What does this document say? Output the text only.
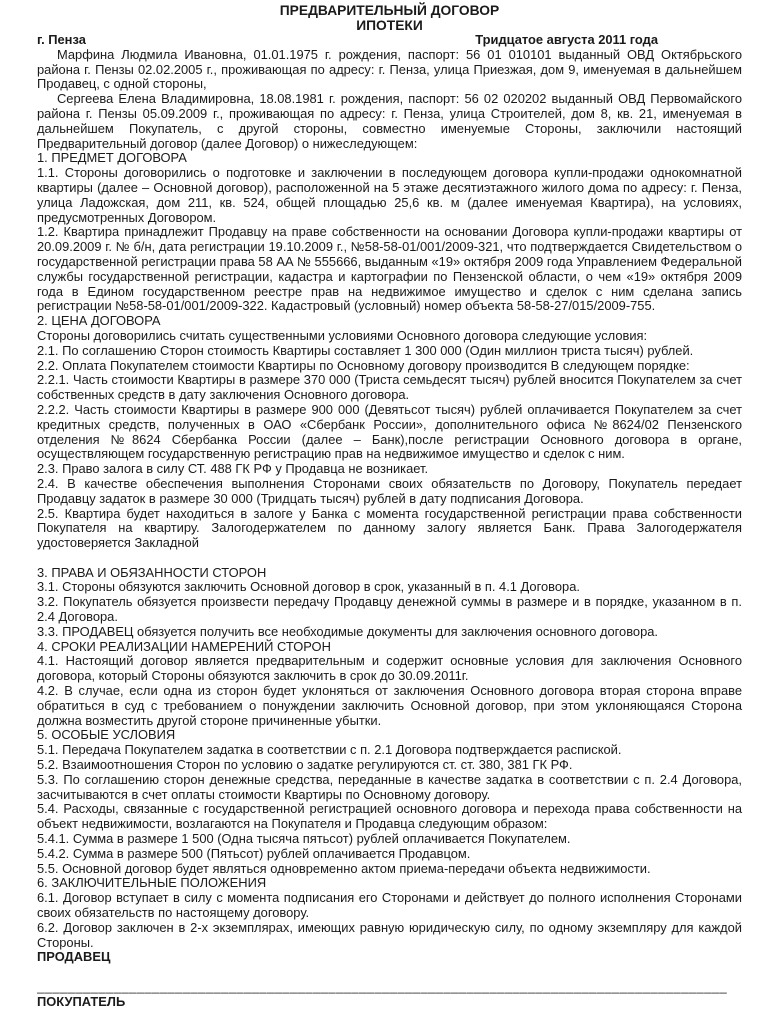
ПРЕДВАРИТЕЛЬНЫЙ ДОГОВОР
ИПОТЕКИ
г. Пенза	Тридцатое августа 2011 года

Марфина Людмила Ивановна, 01.01.1975 г. рождения, паспорт: 56 01 010101 выданный ОВД Октябрьского района г. Пензы 02.02.2005 г., проживающая по адресу: г. Пенза, улица Приезжая, дом 9, именуемая в дальнейшем Продавец, с одной стороны,

Сергеева Елена Владимировна, 18.08.1981 г. рождения, паспорт: 56 02 020202 выданный ОВД Первомайского района г. Пензы 05.09.2009 г., проживающая по адресу: г. Пенза, улица Строителей, дом 8, кв. 21, именуемая в дальнейшем Покупатель, с другой стороны, совместно именуемые Стороны, заключили настоящий Предварительный договор (далее Договор) о нижеследующем:

1. ПРЕДМЕТ ДОГОВОРА

1.1. Стороны договорились о подготовке и заключении в последующем договора купли-продажи однокомнатной квартиры (далее – Основной договор), расположенной на 5 этаже десятиэтажного жилого дома по адресу: г. Пенза, улица Ладожская, дом 211, кв. 524, общей площадью 25,6 кв. м (далее именуемая Квартира), на условиях, предусмотренных Договором.

1.2. Квартира принадлежит Продавцу на праве собственности на основании Договора купли-продажи квартиры от 20.09.2009 г. № б/н, дата регистрации 19.10.2009 г., №58-58-01/001/2009-321, что подтверждается Свидетельством о государственной регистрации права 58 АА № 555666, выданным «19» октября 2009 года Управлением Федеральной службы государственной регистрации, кадастра и картографии по Пензенской области, о чем «19» октября 2009 года в Едином государственном реестре прав на недвижимое имущество и сделок с ним сделана запись регистрации №58-58-01/001/2009-322. Кадастровый (условный) номер объекта 58-58-27/015/2009-755.

2. ЦЕНА ДОГОВОРА

Стороны договорились считать существенными условиями Основного договора следующие условия:

2.1. По соглашению Сторон стоимость Квартиры составляет 1 300 000 (Один миллион триста тысяч) рублей.

2.2. Оплата Покупателем стоимости Квартиры по Основному договору производится В следующем порядке:

2.2.1. Часть стоимости Квартиры в размере 370 000 (Триста семьдесят тысяч) рублей вносится Покупателем за счет собственных средств в дату заключения Основного договора.

2.2.2. Часть стоимости Квартиры в размере 900 000 (Девятьсот тысяч) рублей оплачивается Покупателем за счет кредитных средств, полученных в ОАО «Сбербанк России», дополнительного офиса №8624/02 Пензенского отделения №8624 Сбербанка России (далее – Банк),после регистрации Основного договора в органе, осуществляющем государственную регистрацию прав на недвижимое имущество и сделок с ним.

2.3. Право залога в силу СТ. 488 ГК РФ у Продавца не возникает.

2.4. В качестве обеспечения выполнения Сторонами своих обязательств по Договору, Покупатель передает Продавцу задаток в размере 30 000 (Тридцать тысяч) рублей в дату подписания Договора.

2.5. Квартира будет находиться в залоге у Банка с момента государственной регистрации права собственности Покупателя на квартиру. Залогодержателем по данному залогу является Банк. Права Залогодержателя удостоверяется Закладной

3. ПРАВА И ОБЯЗАННОСТИ СТОРОН

3.1. Стороны обязуются заключить Основной договор в срок, указанный в п. 4.1 Договора.

3.2. Покупатель обязуется произвести передачу Продавцу денежной суммы в размере и в порядке, указанном в п. 2.4 Договора.

3.3. ПРОДАВЕЦ обязуется получить все необходимые документы для заключения основного договора.

4. СРОКИ РЕАЛИЗАЦИИ НАМЕРЕНИЙ СТОРОН

4.1. Настоящий договор является предварительным и содержит основные условия для заключения Основного договора, который Стороны обязуются заключить в срок до 30.09.2011г.

4.2. В случае, если одна из сторон будет уклоняться от заключения Основного договора вторая сторона вправе обратиться в суд с требованием о понуждении заключить Основной договор, при этом уклоняющаяся Сторона должна возместить другой стороне причиненные убытки.

5. ОСОБЫЕ УСЛОВИЯ

5.1. Передача Покупателем задатка в соответствии с п. 2.1 Договора подтверждается распиской.

5.2. Взаимоотношения Сторон по условию о задатке регулируются ст. ст. 380, 381 ГК РФ.

5.3. По соглашению сторон денежные средства, переданные в качестве задатка в соответствии с п. 2.4 Договора, засчитываются в счет оплаты стоимости Квартиры по Основному договору.

5.4. Расходы, связанные с государственной регистрацией основного договора и перехода права собственности на объект недвижимости, возлагаются на Покупателя и Продавца следующим образом:

5.4.1. Сумма в размере 1 500 (Одна тысяча пятьсот) рублей оплачивается Покупателем.

5.4.2. Сумма в размере 500 (Пятьсот) рублей оплачивается Продавцом.

5.5. Основной договор будет являться одновременно актом приема-передачи объекта недвижимости.

6. ЗАКЛЮЧИТЕЛЬНЫЕ ПОЛОЖЕНИЯ

6.1. Договор вступает в силу с момента подписания его Сторонами и действует до полного исполнения Сторонами своих обязательств по настоящему договору.

6.2. Договор заключен в 2-х экземплярах, имеющих равную юридическую силу, по одному экземпляру для каждой Стороны.

ПРОДАВЕЦ

__________________________________________________________________________________________

ПОКУПАТЕЛЬ
